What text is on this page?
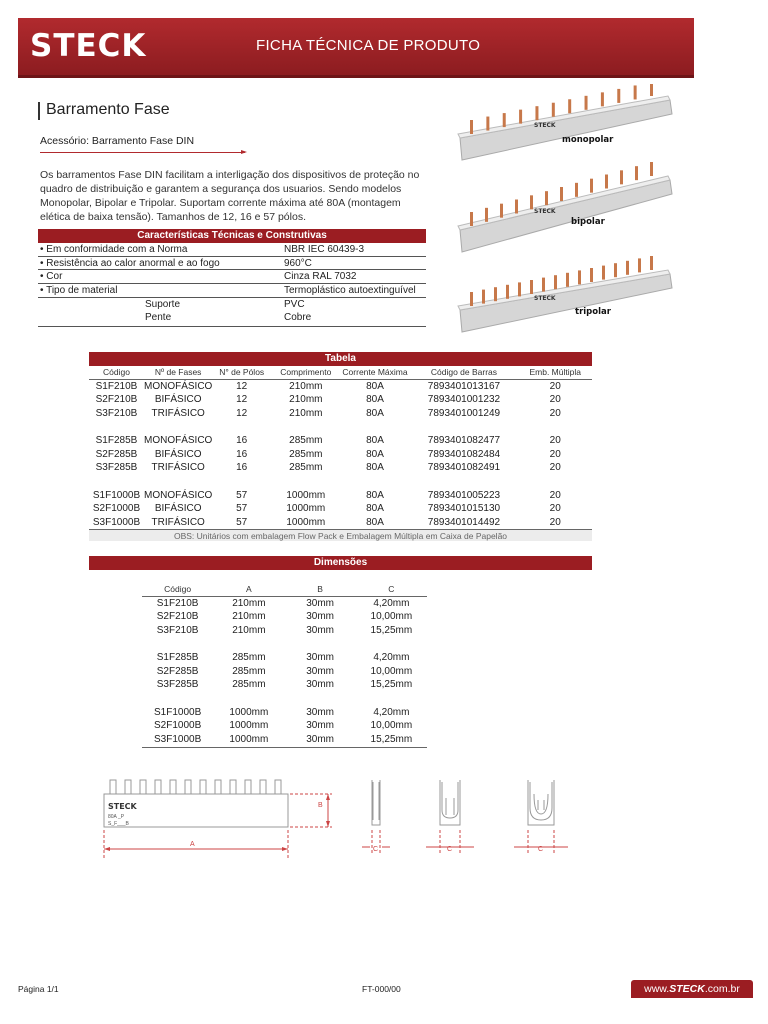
STECK	FICHA TÉCNICA DE PRODUTO
Barramento Fase
Acessório: Barramento Fase DIN
Os barramentos Fase DIN facilitam a interligação dos dispositivos de proteção no quadro de distribuição e garantem a segurança dos usuarios. Sendo modelos Monopolar, Bipolar e Tripolar. Suportam corrente máxima até 80A (montagem elética de baixa tensão). Tamanhos de 12, 16 e 57 pólos.
Características Técnicas e Construtivas
• Em conformidade com a Norma	NBR IEC 60439-3
• Resistência ao calor anormal e ao fogo	960°C
• Cor	Cinza RAL 7032
• Tipo de material	Termoplástico autoextinguível
Suporte	PVC
Pente	Cobre
STECK
STECK
STECK
monopolar
bipolar
tripolar
Tabela
Código	Nº de Fases	N° de Pólos	Comprimento	Corrente Máxima	Código de Barras	Emb. Múltipla
S1F210B	MONOFÁSICO	12	210mm	80A	7893401013167	20
S2F210B	BIFÁSICO	12	210mm	80A	7893401001232	20
S3F210B	TRIFÁSICO	12	210mm	80A	7893401001249	20

S1F285B	MONOFÁSICO	16	285mm	80A	7893401082477	20
S2F285B	BIFÁSICO	16	285mm	80A	7893401082484	20
S3F285B	TRIFÁSICO	16	285mm	80A	7893401082491	20

S1F1000B	MONOFÁSICO	57	1000mm	80A	7893401005223	20
S2F1000B	BIFÁSICO	57	1000mm	80A	7893401015130	20
S3F1000B	TRIFÁSICO	57	1000mm	80A	7893401014492	20
OBS: Unitários com embalagem Flow Pack e Embalagem Múltipla em Caixa de Papelão
Dimensões
Código	A	B	C
S1F210B	210mm	30mm	4,20mm
S2F210B	210mm	30mm	10,00mm
S3F210B	210mm	30mm	15,25mm

S1F285B	285mm	30mm	4,20mm
S2F285B	285mm	30mm	10,00mm
S3F285B	285mm	30mm	15,25mm

S1F1000B	1000mm	30mm	4,20mm
S2F1000B	1000mm	30mm	10,00mm
S3F1000B	1000mm	30mm	15,25mm
STECK
80A _P
S_F___B
A
B
C	C	C
Página 1/1	FT-000/00	www.STECK.com.br
